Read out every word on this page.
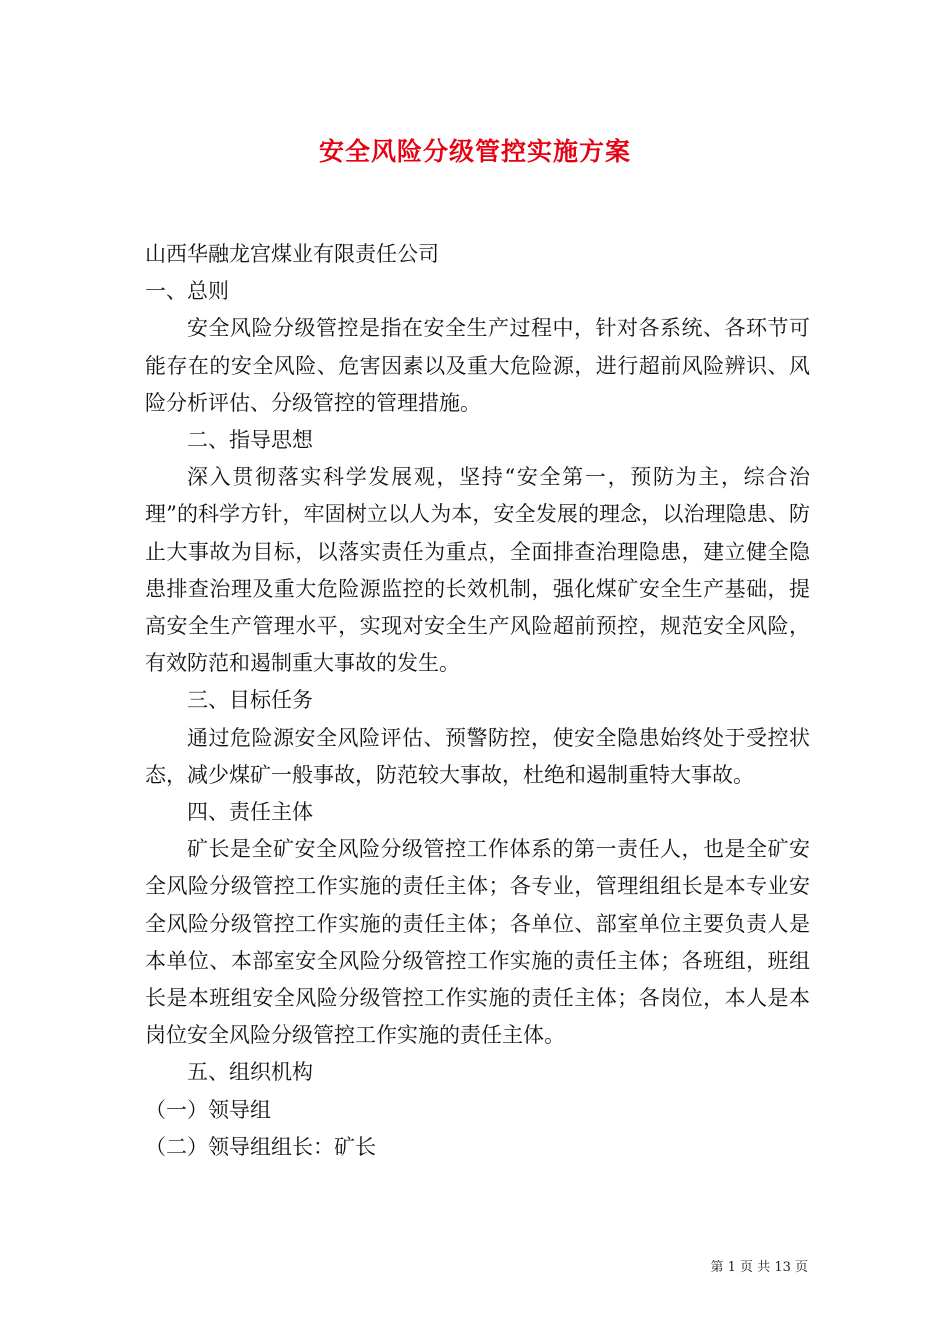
安全风险分级管控实施方案

山西华融龙宫煤业有限责任公司

一、总则

安全风险分级管控是指在安全生产过程中，针对各系统、各环节可能存在的安全风险、危害因素以及重大危险源，进行超前风险辨识、风险分析评估、分级管控的管理措施。

二、指导思想

深入贯彻落实科学发展观，坚持“安全第一，预防为主，综合治理”的科学方针，牢固树立以人为本，安全发展的理念，以治理隐患、防止大事故为目标，以落实责任为重点，全面排查治理隐患，建立健全隐患排查治理及重大危险源监控的长效机制，强化煤矿安全生产基础，提高安全生产管理水平，实现对安全生产风险超前预控，规范安全风险，有效防范和遏制重大事故的发生。

三、目标任务

通过危险源安全风险评估、预警防控，使安全隐患始终处于受控状态，减少煤矿一般事故，防范较大事故，杜绝和遏制重特大事故。

四、责任主体

矿长是全矿安全风险分级管控工作体系的第一责任人，也是全矿安全风险分级管控工作实施的责任主体；各专业，管理组组长是本专业安全风险分级管控工作实施的责任主体；各单位、部室单位主要负责人是本单位、本部室安全风险分级管控工作实施的责任主体；各班组，班组长是本班组安全风险分级管控工作实施的责任主体；各岗位，本人是本岗位安全风险分级管控工作实施的责任主体。

五、组织机构

（一）领导组

（二）领导组组长：矿长

第 1 页 共 13 页
